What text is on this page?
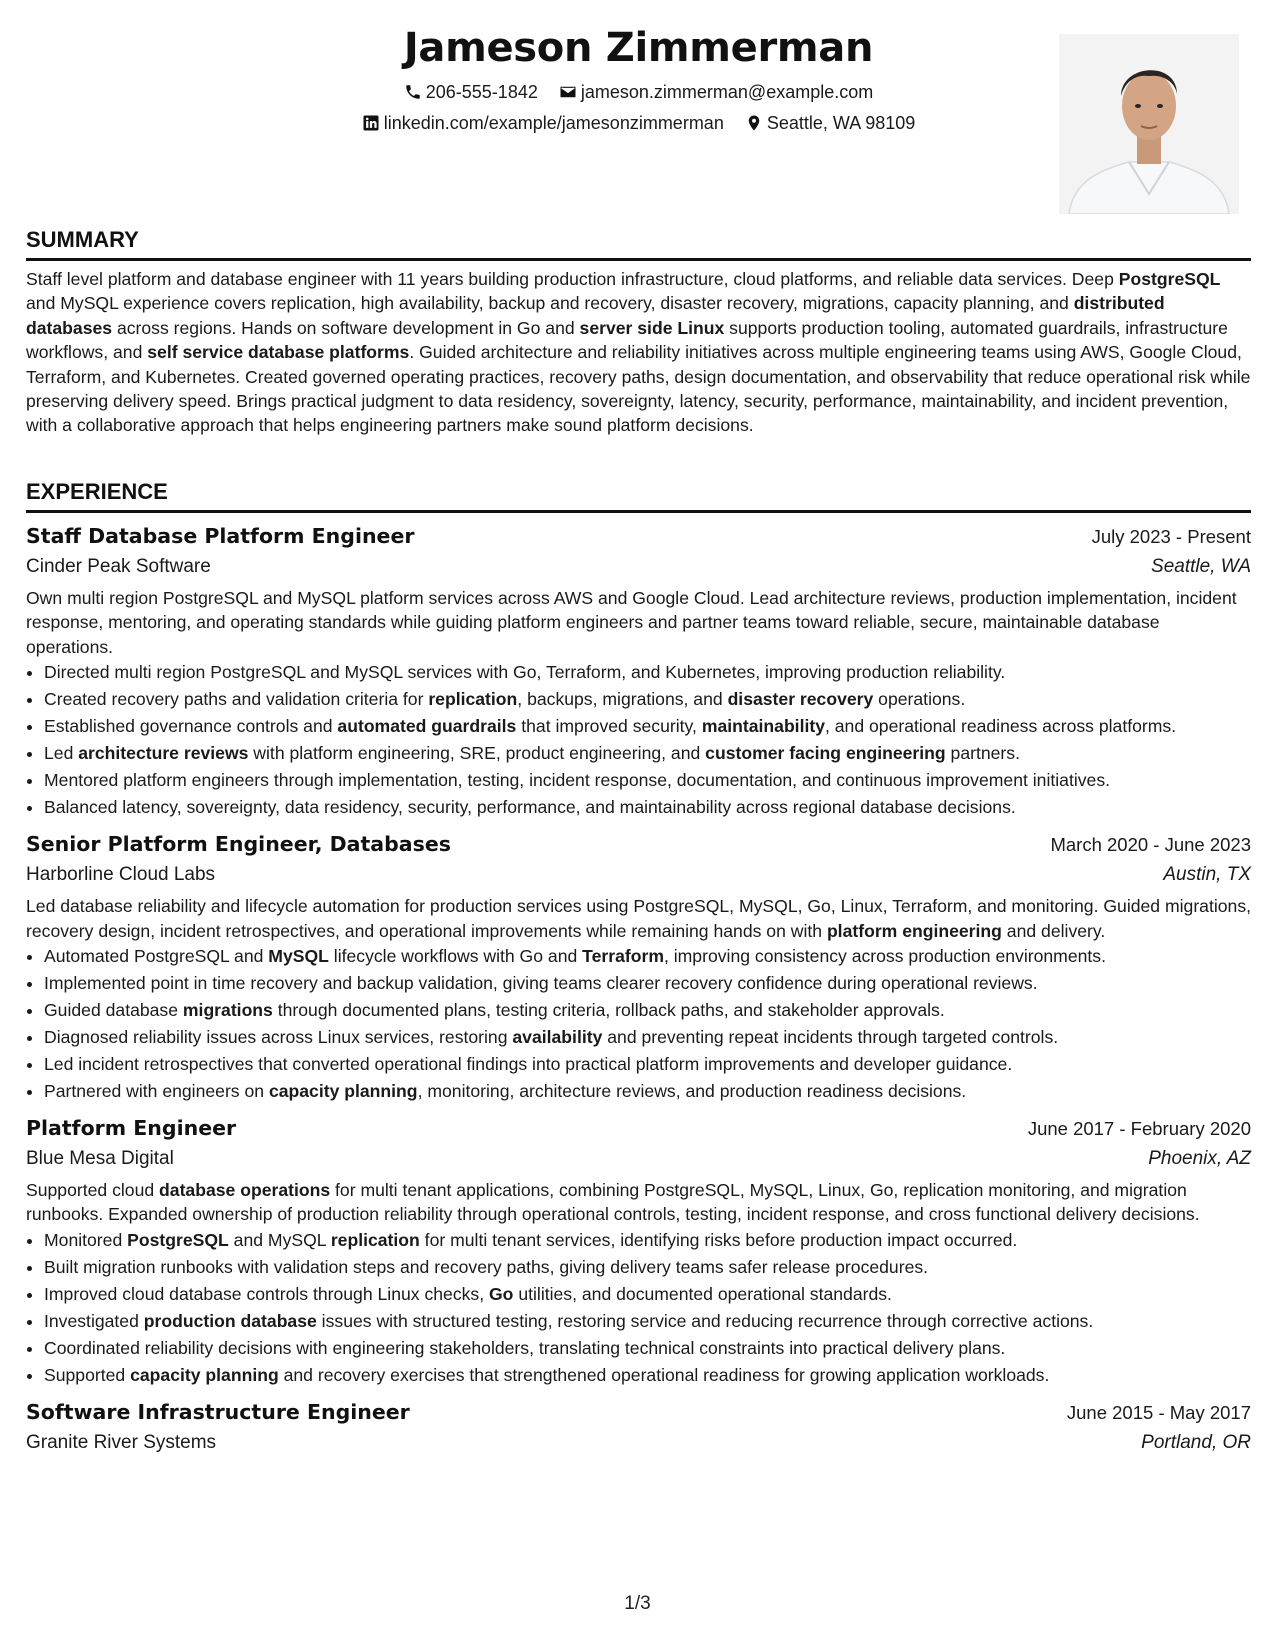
Jameson Zimmerman
206-555-1842
jameson.zimmerman@example.com
linkedin.com/example/jamesonzimmerman
Seattle, WA 98109
SUMMARY

Staff level platform and database engineer with 11 years building production infrastructure, cloud platforms, and reliable data services. Deep PostgreSQL and MySQL experience covers replication, high availability, backup and recovery, disaster recovery, migrations, capacity planning, and distributed databases across regions. Hands on software development in Go and server side Linux supports production tooling, automated guardrails, infrastructure workflows, and self service database platforms. Guided architecture and reliability initiatives across multiple engineering teams using AWS, Google Cloud, Terraform, and Kubernetes. Created governed operating practices, recovery paths, design documentation, and observability that reduce operational risk while preserving delivery speed. Brings practical judgment to data residency, sovereignty, latency, security, performance, maintainability, and incident prevention, with a collaborative approach that helps engineering partners make sound platform decisions.

EXPERIENCE
Staff Database Platform Engineer	July 2023 - Present
Cinder Peak Software	Seattle, WA

Own multi region PostgreSQL and MySQL platform services across AWS and Google Cloud. Lead architecture reviews, production implementation, incident response, mentoring, and operating standards while guiding platform engineers and partner teams toward reliable, secure, maintainable database operations.

• Directed multi region PostgreSQL and MySQL services with Go, Terraform, and Kubernetes, improving production reliability.
• Created recovery paths and validation criteria for replication, backups, migrations, and disaster recovery operations.
• Established governance controls and automated guardrails that improved security, maintainability, and operational readiness across platforms.
• Led architecture reviews with platform engineering, SRE, product engineering, and customer facing engineering partners.
• Mentored platform engineers through implementation, testing, incident response, documentation, and continuous improvement initiatives.
• Balanced latency, sovereignty, data residency, security, performance, and maintainability across regional database decisions.
Senior Platform Engineer, Databases	March 2020 - June 2023
Harborline Cloud Labs	Austin, TX

Led database reliability and lifecycle automation for production services using PostgreSQL, MySQL, Go, Linux, Terraform, and monitoring. Guided migrations, recovery design, incident retrospectives, and operational improvements while remaining hands on with platform engineering and delivery.

• Automated PostgreSQL and MySQL lifecycle workflows with Go and Terraform, improving consistency across production environments.
• Implemented point in time recovery and backup validation, giving teams clearer recovery confidence during operational reviews.
• Guided database migrations through documented plans, testing criteria, rollback paths, and stakeholder approvals.
• Diagnosed reliability issues across Linux services, restoring availability and preventing repeat incidents through targeted controls.
• Led incident retrospectives that converted operational findings into practical platform improvements and developer guidance.
• Partnered with engineers on capacity planning, monitoring, architecture reviews, and production readiness decisions.
Platform Engineer	June 2017 - February 2020
Blue Mesa Digital	Phoenix, AZ

Supported cloud database operations for multi tenant applications, combining PostgreSQL, MySQL, Linux, Go, replication monitoring, and migration runbooks. Expanded ownership of production reliability through operational controls, testing, incident response, and cross functional delivery decisions.

• Monitored PostgreSQL and MySQL replication for multi tenant services, identifying risks before production impact occurred.
• Built migration runbooks with validation steps and recovery paths, giving delivery teams safer release procedures.
• Improved cloud database controls through Linux checks, Go utilities, and documented operational standards.
• Investigated production database issues with structured testing, restoring service and reducing recurrence through corrective actions.
• Coordinated reliability decisions with engineering stakeholders, translating technical constraints into practical delivery plans.
• Supported capacity planning and recovery exercises that strengthened operational readiness for growing application workloads.
Software Infrastructure Engineer	June 2015 - May 2017
Granite River Systems	Portland, OR
1/3
